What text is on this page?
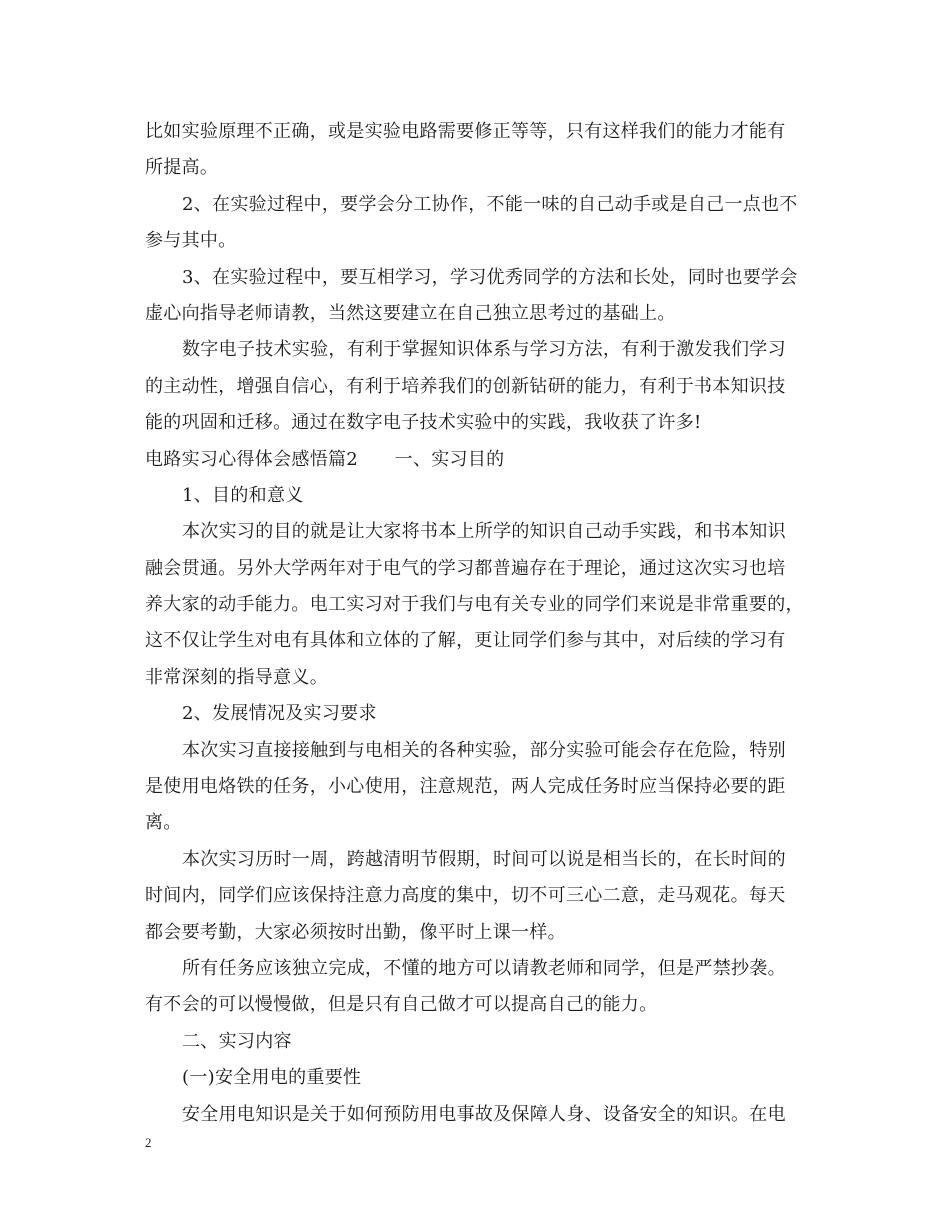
比如实验原理不正确，或是实验电路需要修正等等，只有这样我们的能力才能有
所提高。
2、在实验过程中，要学会分工协作，不能一味的自己动手或是自己一点也不
参与其中。
3、在实验过程中，要互相学习，学习优秀同学的方法和长处，同时也要学会
虚心向指导老师请教，当然这要建立在自己独立思考过的基础上。
数字电子技术实验，有利于掌握知识体系与学习方法，有利于激发我们学习
的主动性，增强自信心，有利于培养我们的创新钻研的能力，有利于书本知识技
能的巩固和迁移。通过在数字电子技术实验中的实践，我收获了许多!
电路实习心得体会感悟篇2　　一、实习目的
1、目的和意义
本次实习的目的就是让大家将书本上所学的知识自己动手实践，和书本知识
融会贯通。另外大学两年对于电气的学习都普遍存在于理论，通过这次实习也培
养大家的动手能力。电工实习对于我们与电有关专业的同学们来说是非常重要的，
这不仅让学生对电有具体和立体的了解，更让同学们参与其中，对后续的学习有
非常深刻的指导意义。
2、发展情况及实习要求
本次实习直接接触到与电相关的各种实验，部分实验可能会存在危险，特别
是使用电烙铁的任务，小心使用，注意规范，两人完成任务时应当保持必要的距
离。
本次实习历时一周，跨越清明节假期，时间可以说是相当长的，在长时间的
时间内，同学们应该保持注意力高度的集中，切不可三心二意，走马观花。每天
都会要考勤，大家必须按时出勤，像平时上课一样。
所有任务应该独立完成，不懂的地方可以请教老师和同学，但是严禁抄袭。
有不会的可以慢慢做，但是只有自己做才可以提高自己的能力。
二、实习内容
(一)安全用电的重要性
安全用电知识是关于如何预防用电事故及保障人身、设备安全的知识。在电
2
